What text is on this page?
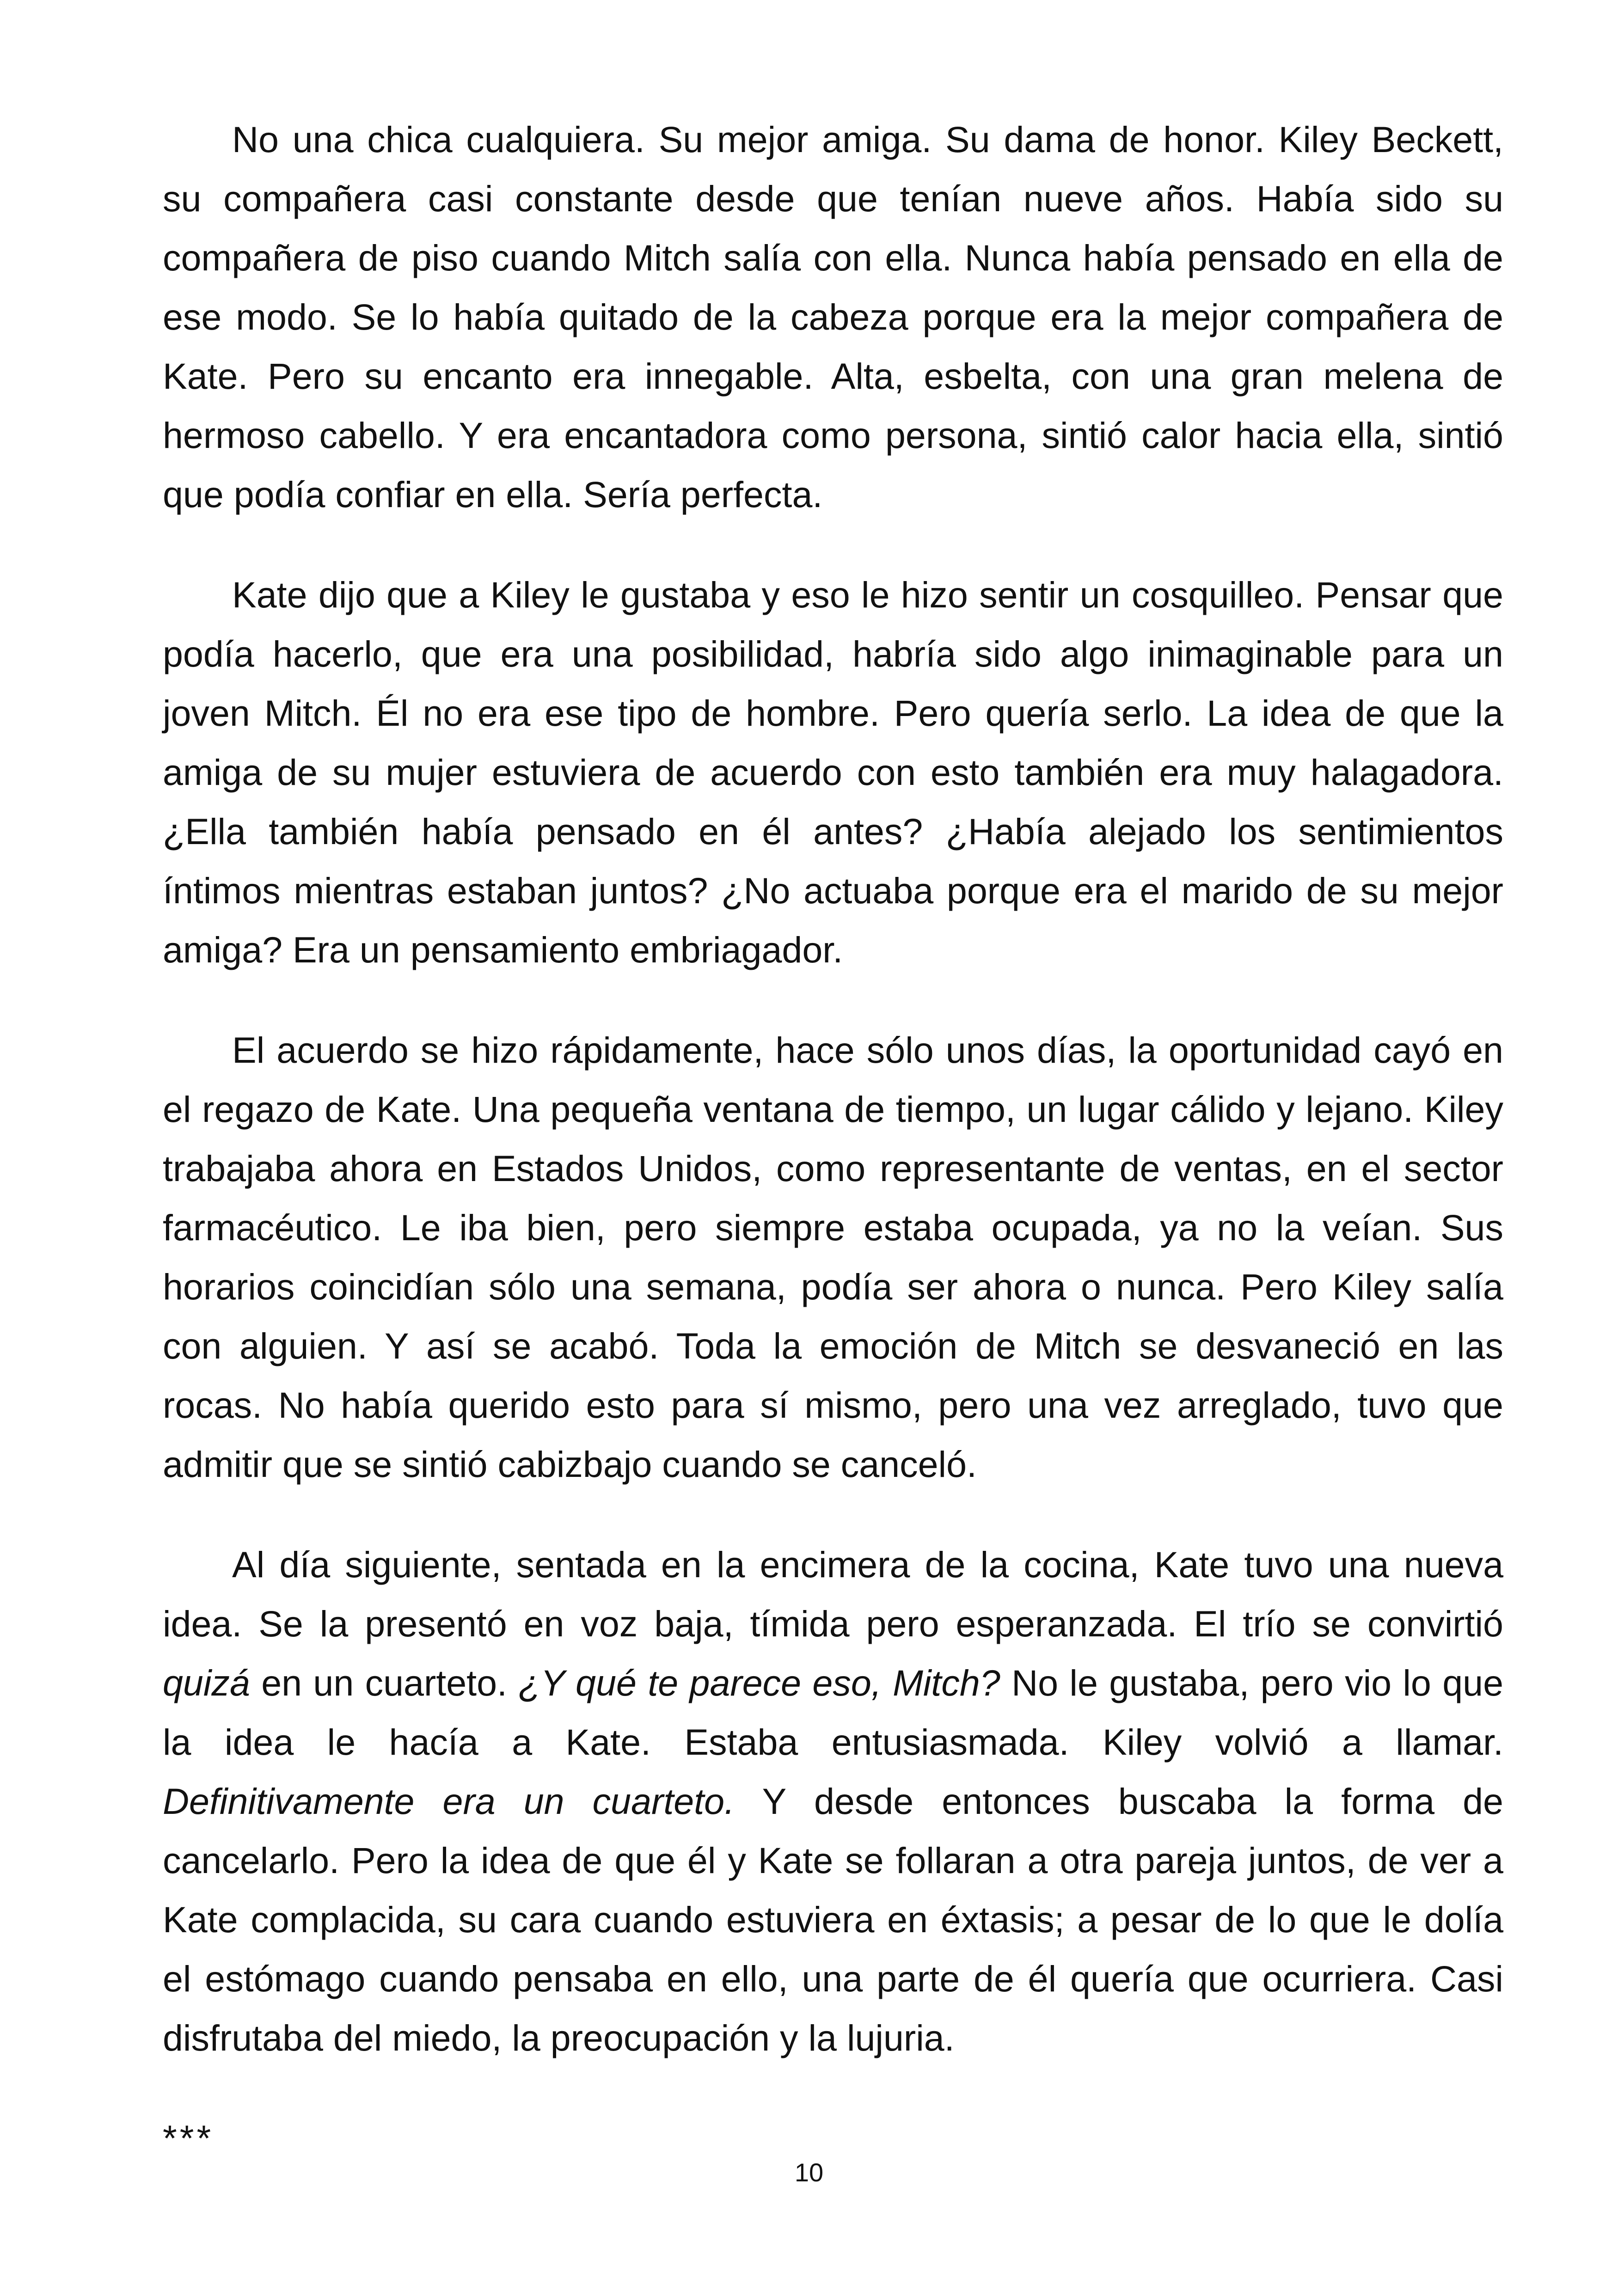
No una chica cualquiera. Su mejor amiga. Su dama de honor. Kiley Beckett, su compañera casi constante desde que tenían nueve años. Había sido su compañera de piso cuando Mitch salía con ella. Nunca había pensado en ella de ese modo. Se lo había quitado de la cabeza porque era la mejor compañera de Kate. Pero su encanto era innegable. Alta, esbelta, con una gran melena de hermoso cabello. Y era encantadora como persona, sintió calor hacia ella, sintió que podía confiar en ella. Sería perfecta.

Kate dijo que a Kiley le gustaba y eso le hizo sentir un cosquilleo. Pensar que podía hacerlo, que era una posibilidad, habría sido algo inimaginable para un joven Mitch. Él no era ese tipo de hombre. Pero quería serlo. La idea de que la amiga de su mujer estuviera de acuerdo con esto también era muy halagadora. ¿Ella también había pensado en él antes? ¿Había alejado los sentimientos íntimos mientras estaban juntos? ¿No actuaba porque era el marido de su mejor amiga? Era un pensamiento embriagador.

El acuerdo se hizo rápidamente, hace sólo unos días, la oportunidad cayó en el regazo de Kate. Una pequeña ventana de tiempo, un lugar cálido y lejano. Kiley trabajaba ahora en Estados Unidos, como representante de ventas, en el sector farmacéutico. Le iba bien, pero siempre estaba ocupada, ya no la veían. Sus horarios coincidían sólo una semana, podía ser ahora o nunca. Pero Kiley salía con alguien. Y así se acabó. Toda la emoción de Mitch se desvaneció en las rocas. No había querido esto para sí mismo, pero una vez arreglado, tuvo que admitir que se sintió cabizbajo cuando se canceló.

Al día siguiente, sentada en la encimera de la cocina, Kate tuvo una nueva idea. Se la presentó en voz baja, tímida pero esperanzada. El trío se convirtió quizá en un cuarteto. ¿Y qué te parece eso, Mitch? No le gustaba, pero vio lo que la idea le hacía a Kate. Estaba entusiasmada. Kiley volvió a llamar. Definitivamente era un cuarteto. Y desde entonces buscaba la forma de cancelarlo. Pero la idea de que él y Kate se follaran a otra pareja juntos, de ver a Kate complacida, su cara cuando estuviera en éxtasis; a pesar de lo que le dolía el estómago cuando pensaba en ello, una parte de él quería que ocurriera. Casi disfrutaba del miedo, la preocupación y la lujuria.

***

10
